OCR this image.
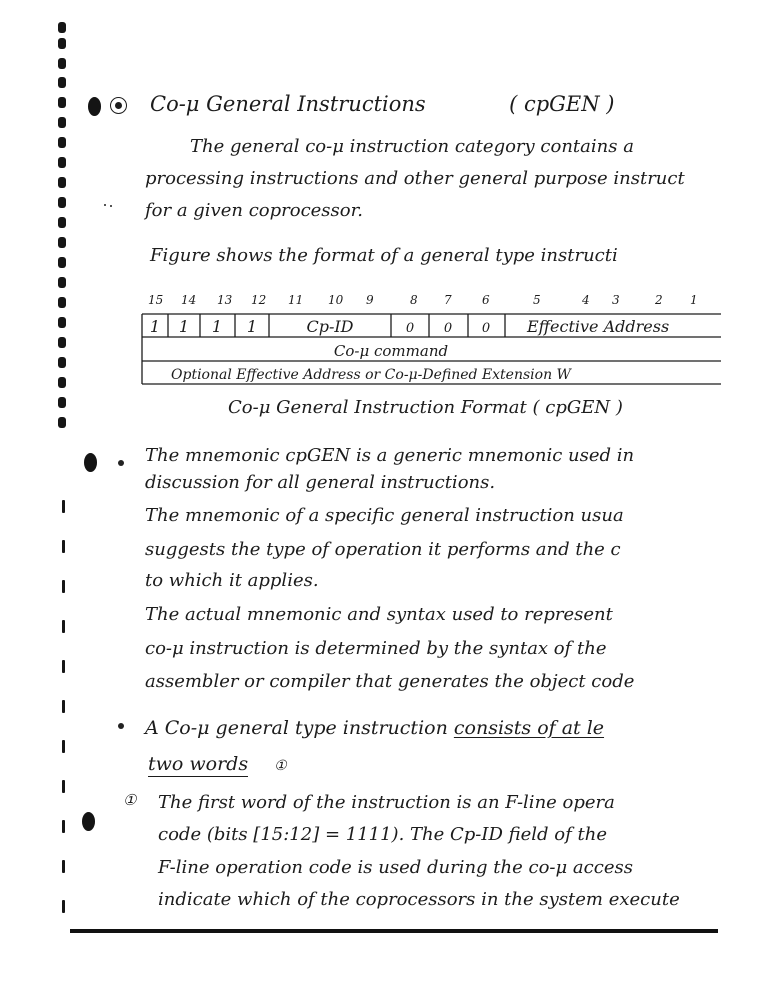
Co-μ General Instructions	( cpGEN )
The general co-μ instruction category contains a
processing instructions and other general purpose instruct
for a given coprocessor.
Figure shows the format of a general type instructi
15 14 13 12 11 10 9	8 7	6	5	4 3	2 1
1 1 1 1	Cp-ID	0 0 0 Effective Address
Co-μ command
Optional Effective Address or Co-μ-Defined Extension W
Co-μ General Instruction Format ( cpGEN )
The mnemonic cpGEN is a generic mnemonic used in
discussion for all general instructions.
The mnemonic of a specific general instruction usua
suggests the type of operation it performs and the c
to which it applies.
The actual mnemonic and syntax used to represent
co-μ instruction is determined by the syntax of the
assembler or compiler that generates the object code
A Co-μ general type instruction consists of at le
two words ①
① The first word of the instruction is an F-line opera
code (bits [15:12] = 1111). The Cp-ID field of the
F-line operation code is used during the co-μ access
indicate which of the coprocessors in the system execute
